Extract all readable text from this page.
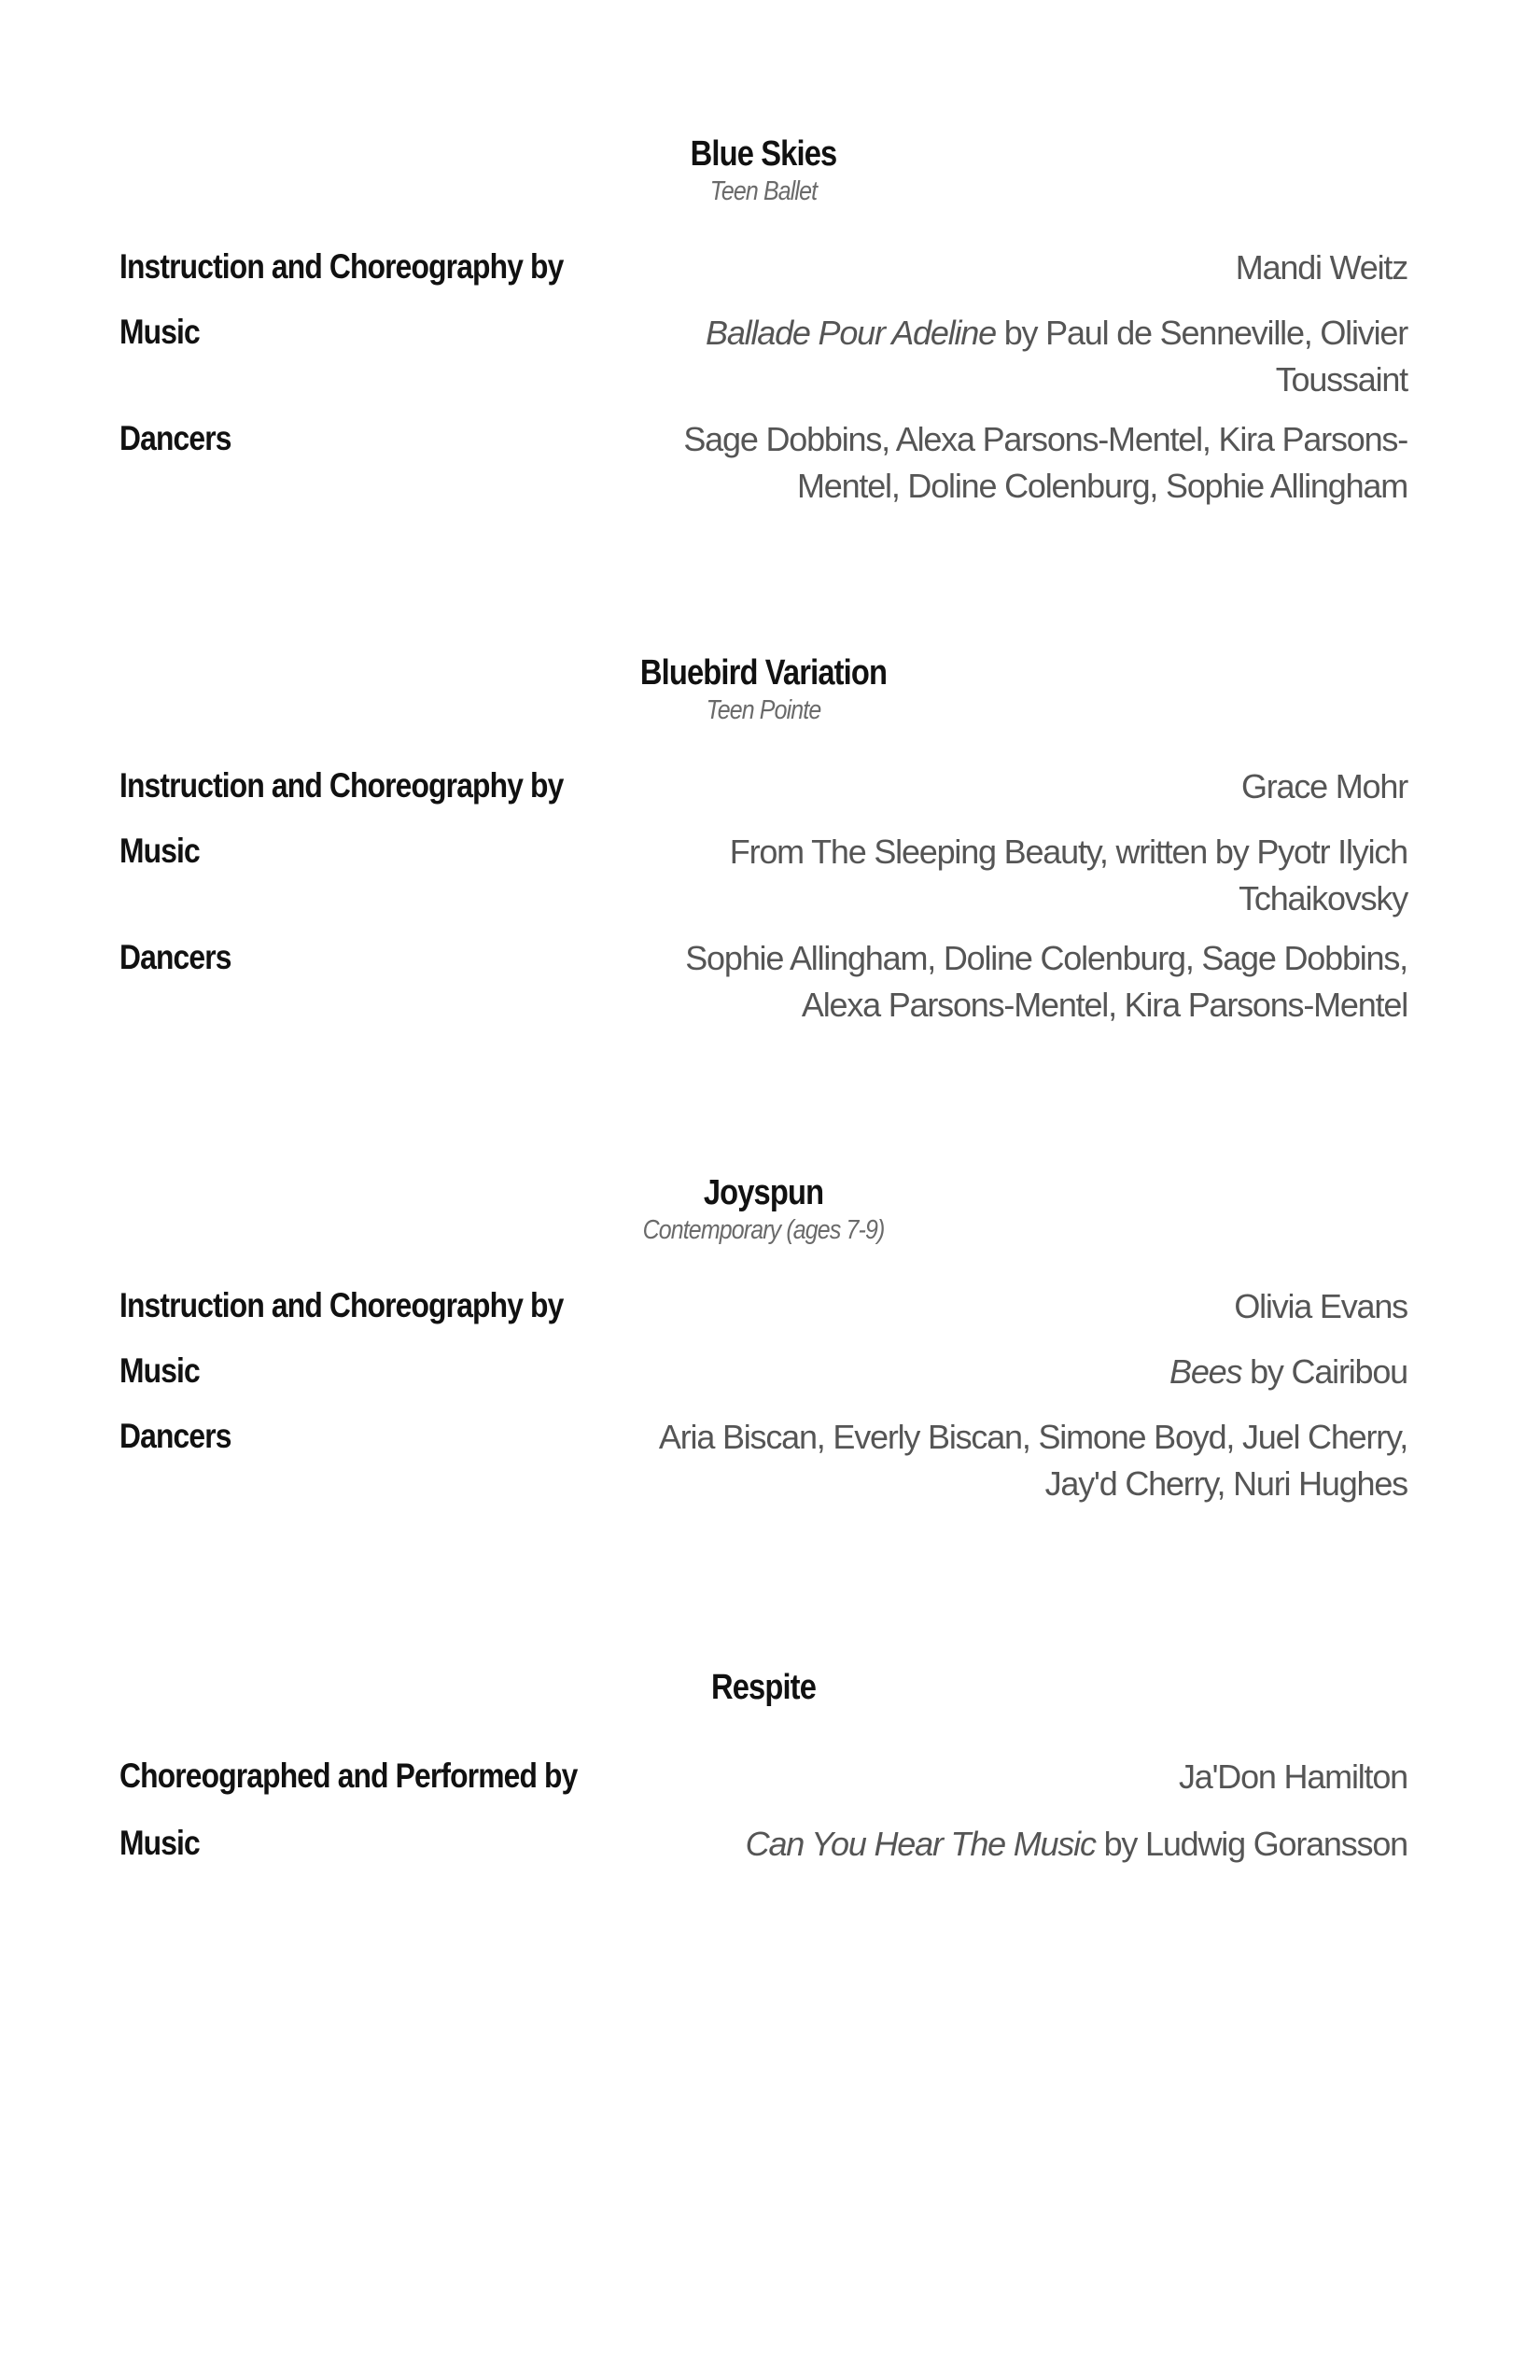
Blue Skies
Teen Ballet
Instruction and Choreography by	Mandi Weitz
Music	Ballade Pour Adeline by Paul de Senneville, Olivier Toussaint
Dancers	Sage Dobbins, Alexa Parsons-Mentel, Kira Parsons-Mentel, Doline Colenburg, Sophie Allingham
Bluebird Variation
Teen Pointe
Instruction and Choreography by	Grace Mohr
Music	From The Sleeping Beauty, written by Pyotr Ilyich Tchaikovsky
Dancers	Sophie Allingham, Doline Colenburg, Sage Dobbins, Alexa Parsons-Mentel, Kira Parsons-Mentel
Joyspun
Contemporary (ages 7-9)
Instruction and Choreography by	Olivia Evans
Music	Bees by Cairibou
Dancers	Aria Biscan, Everly Biscan, Simone Boyd, Juel Cherry, Jay'd Cherry, Nuri Hughes
Respite
Choreographed and Performed by	Ja'Don Hamilton
Music	Can You Hear The Music by Ludwig Goransson
